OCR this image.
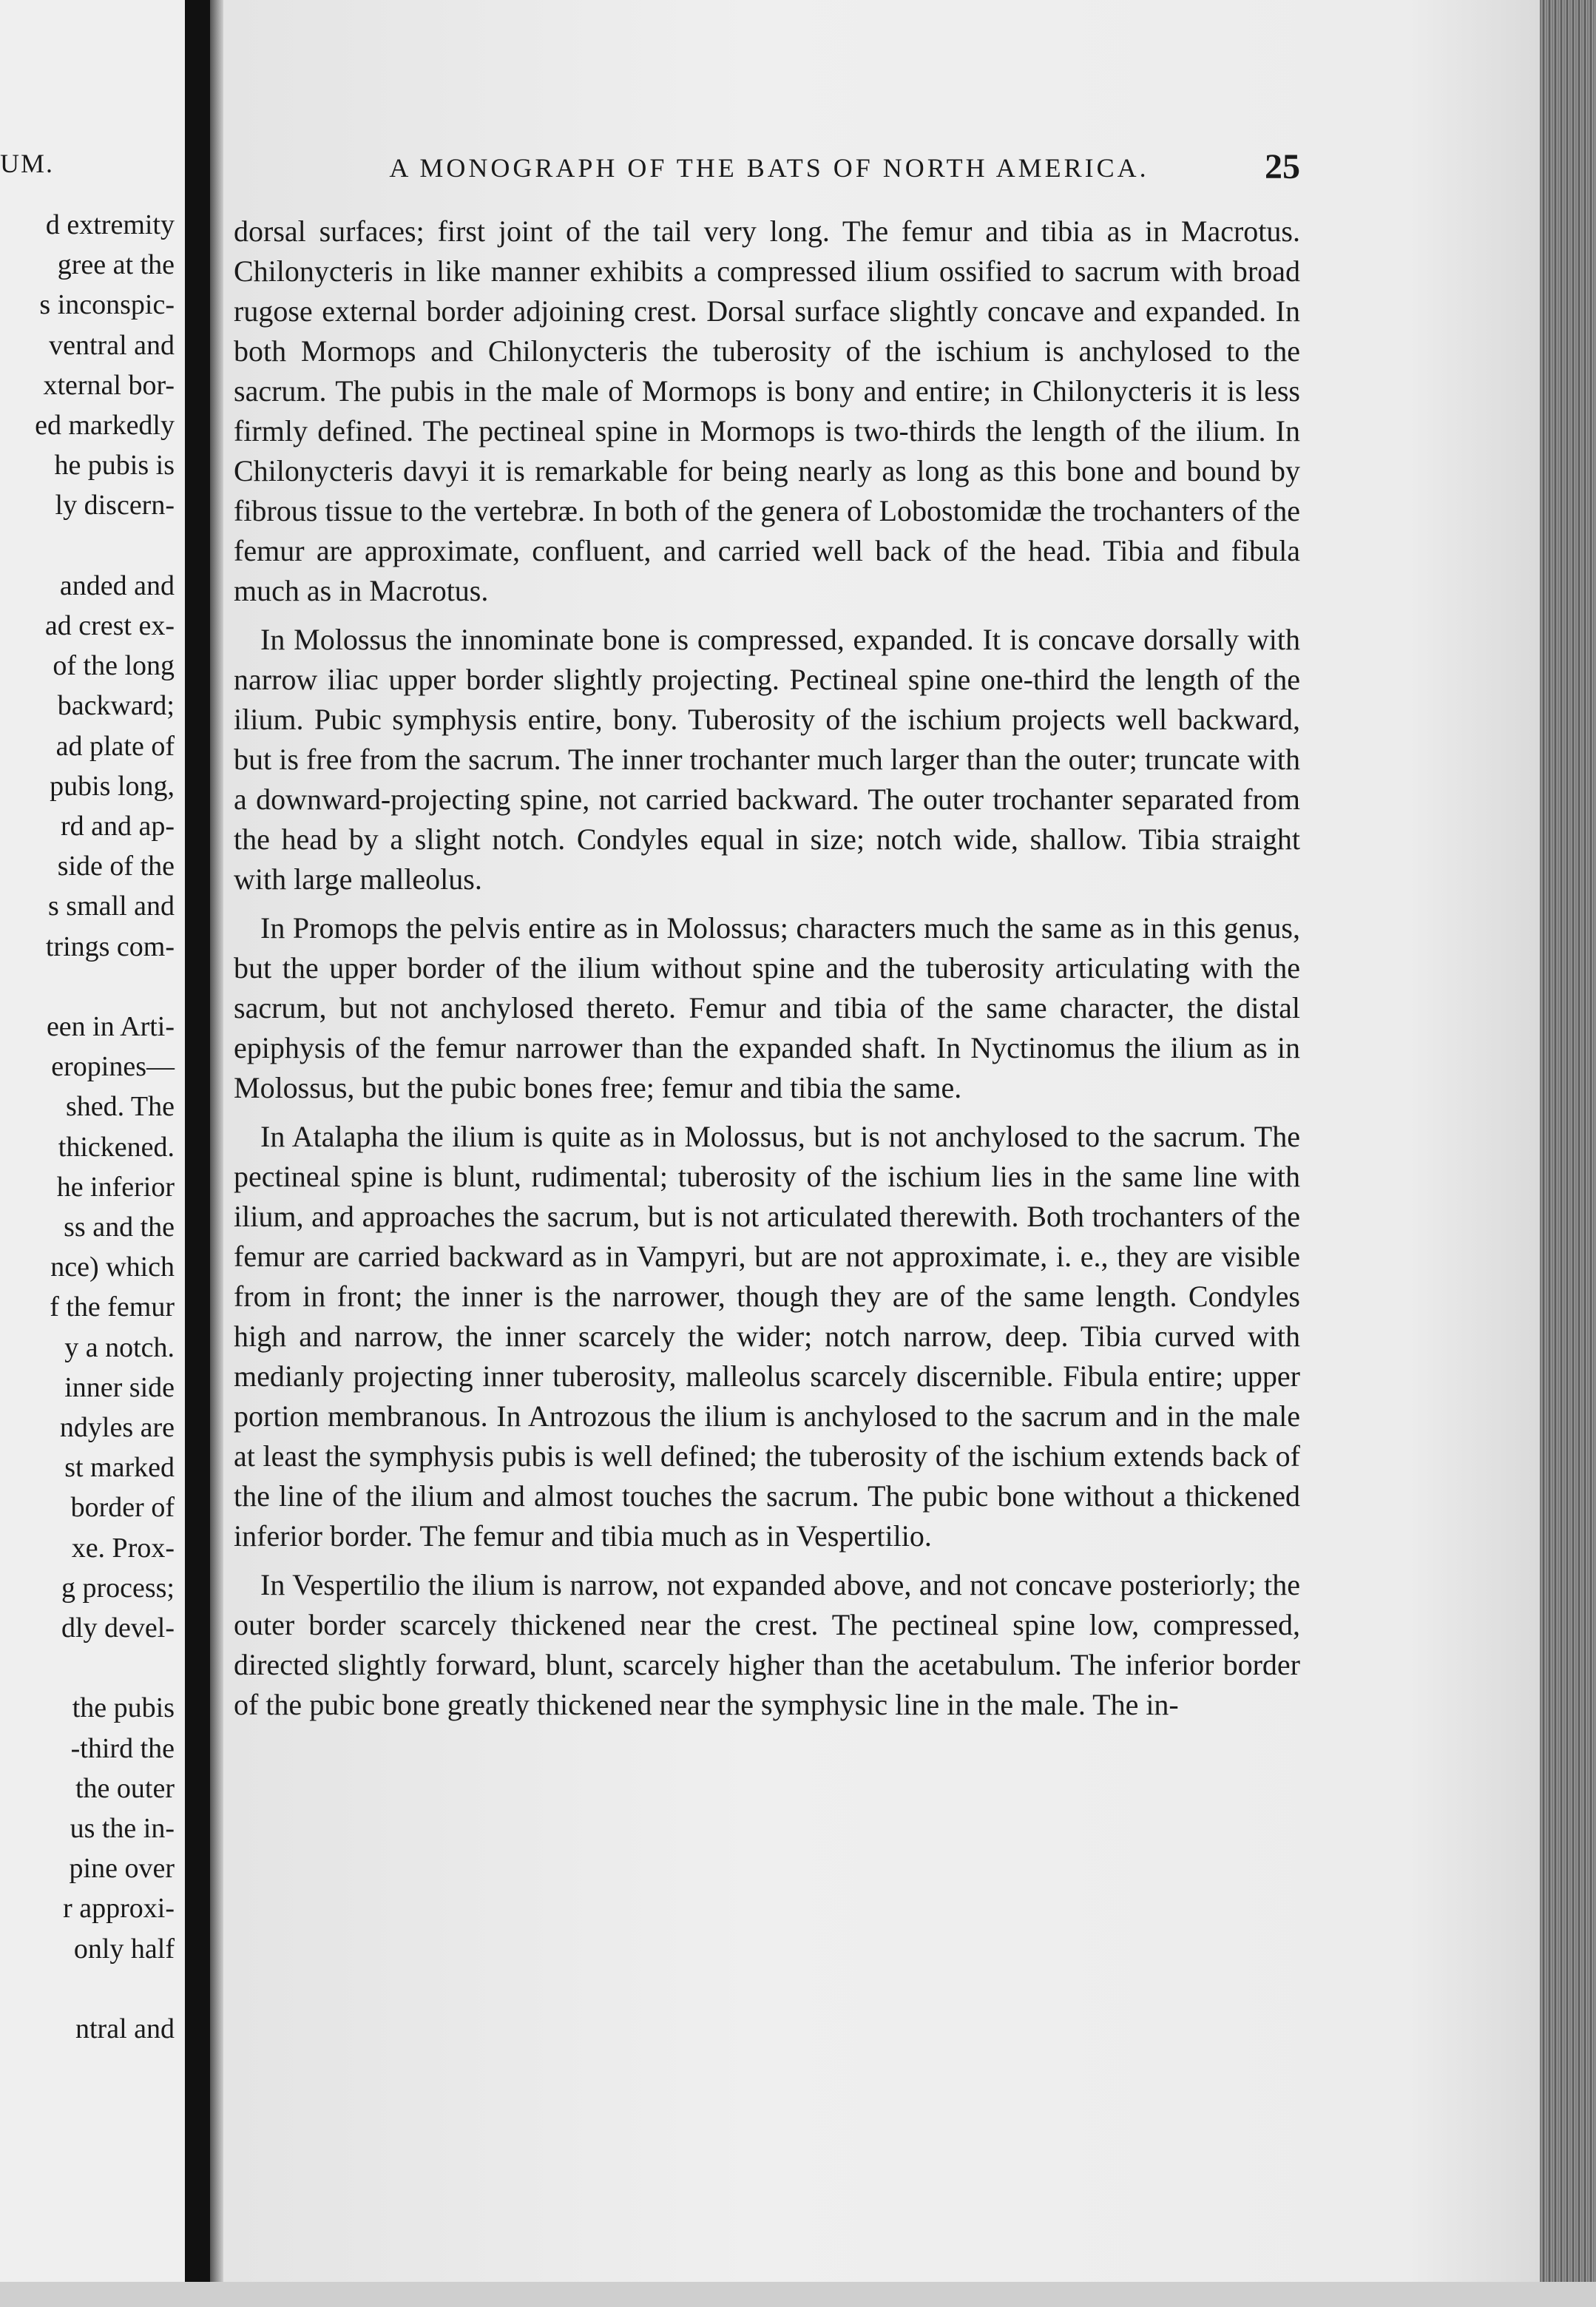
UM.
d extremity
gree at the
s inconspic-
ventral and
xternal bor-
ed markedly
he pubis is
ly discern-
anded and
ad crest ex-
of the long
backward;
ad plate of
pubis long,
rd and ap-
side of the
s small and
trings com-
een in Arti-
eropines—
shed. The
thickened.
he inferior
ss and the
nce) which
f the femur
y a notch.
inner side
ndyles are
st marked
border of
xe. Prox-
g process;
dly devel-
the pubis
-third the
the outer
us the in-
pine over
r approxi-
only half
ntral and
A MONOGRAPH OF THE BATS OF NORTH AMERICA.	25

dorsal surfaces; first joint of the tail very long. The femur and tibia as in Macrotus. Chilonycteris in like manner exhibits a compressed ilium ossified to sacrum with broad rugose external border adjoining crest. Dorsal surface slightly concave and expanded. In both Mormops and Chilonycteris the tuberosity of the ischium is anchylosed to the sacrum. The pubis in the male of Mormops is bony and entire; in Chilonycteris it is less firmly defined. The pectineal spine in Mormops is two-thirds the length of the ilium. In Chilonycteris davyi it is remarkable for being nearly as long as this bone and bound by fibrous tissue to the vertebræ. In both of the genera of Lobostomidæ the trochanters of the femur are approximate, confluent, and carried well back of the head. Tibia and fibula much as in Macrotus.

In Molossus the innominate bone is compressed, expanded. It is concave dorsally with narrow iliac upper border slightly projecting. Pectineal spine one-third the length of the ilium. Pubic symphysis entire, bony. Tuberosity of the ischium projects well backward, but is free from the sacrum. The inner trochanter much larger than the outer; truncate with a downward-projecting spine, not carried backward. The outer trochanter separated from the head by a slight notch. Condyles equal in size; notch wide, shallow. Tibia straight with large malleolus.

In Promops the pelvis entire as in Molossus; characters much the same as in this genus, but the upper border of the ilium without spine and the tuberosity articulating with the sacrum, but not anchylosed thereto. Femur and tibia of the same character, the distal epiphysis of the femur narrower than the expanded shaft. In Nyctinomus the ilium as in Molossus, but the pubic bones free; femur and tibia the same.

In Atalapha the ilium is quite as in Molossus, but is not anchylosed to the sacrum. The pectineal spine is blunt, rudimental; tuberosity of the ischium lies in the same line with ilium, and approaches the sacrum, but is not articulated therewith. Both trochanters of the femur are carried backward as in Vampyri, but are not approximate, i. e., they are visible from in front; the inner is the narrower, though they are of the same length. Condyles high and narrow, the inner scarcely the wider; notch narrow, deep. Tibia curved with medianly projecting inner tuberosity, malleolus scarcely discernible. Fibula entire; upper portion membranous. In Antrozous the ilium is anchylosed to the sacrum and in the male at least the symphysis pubis is well defined; the tuberosity of the ischium extends back of the line of the ilium and almost touches the sacrum. The pubic bone without a thickened inferior border. The femur and tibia much as in Vespertilio.

In Vespertilio the ilium is narrow, not expanded above, and not concave posteriorly; the outer border scarcely thickened near the crest. The pectineal spine low, compressed, directed slightly forward, blunt, scarcely higher than the acetabulum. The inferior border of the pubic bone greatly thickened near the symphysic line in the male. The in-
